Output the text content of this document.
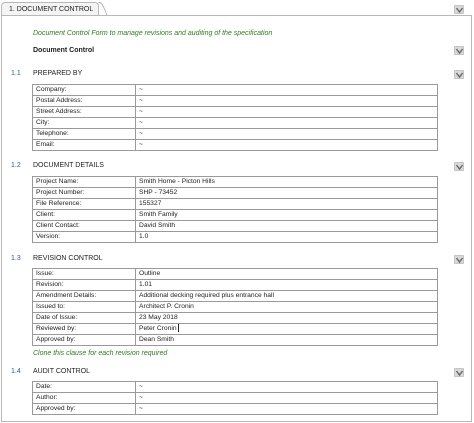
1. DOCUMENT CONTROL
Document Control Form to manage revisions and auditing of the specification
Document Control
1.1 PREPARED BY
Company:	~
Postal Address:	~
Street Address:	~
City:	~
Telephone:	~
Email:	~
1.2 DOCUMENT DETAILS
Project Name:	Smith Home - Picton Hills
Project Number:	SHP - 73452
File Reference:	155327
Client:	Smith Family
Client Contact:	David Smith
Version:	1.0
1.3 REVISION CONTROL
Issue:	Outline
Revision:	1.01
Amendment Details:	Additional decking required plus entrance hall
Issued to:	Architect P. Cronin
Date of Issue:	23 May 2018
Reviewed by:	Peter Cronin
Approved by:	Dean Smith
Clone this clause for each revision required
1.4 AUDIT CONTROL
Date:	~
Author:	~
Approved by:	~
